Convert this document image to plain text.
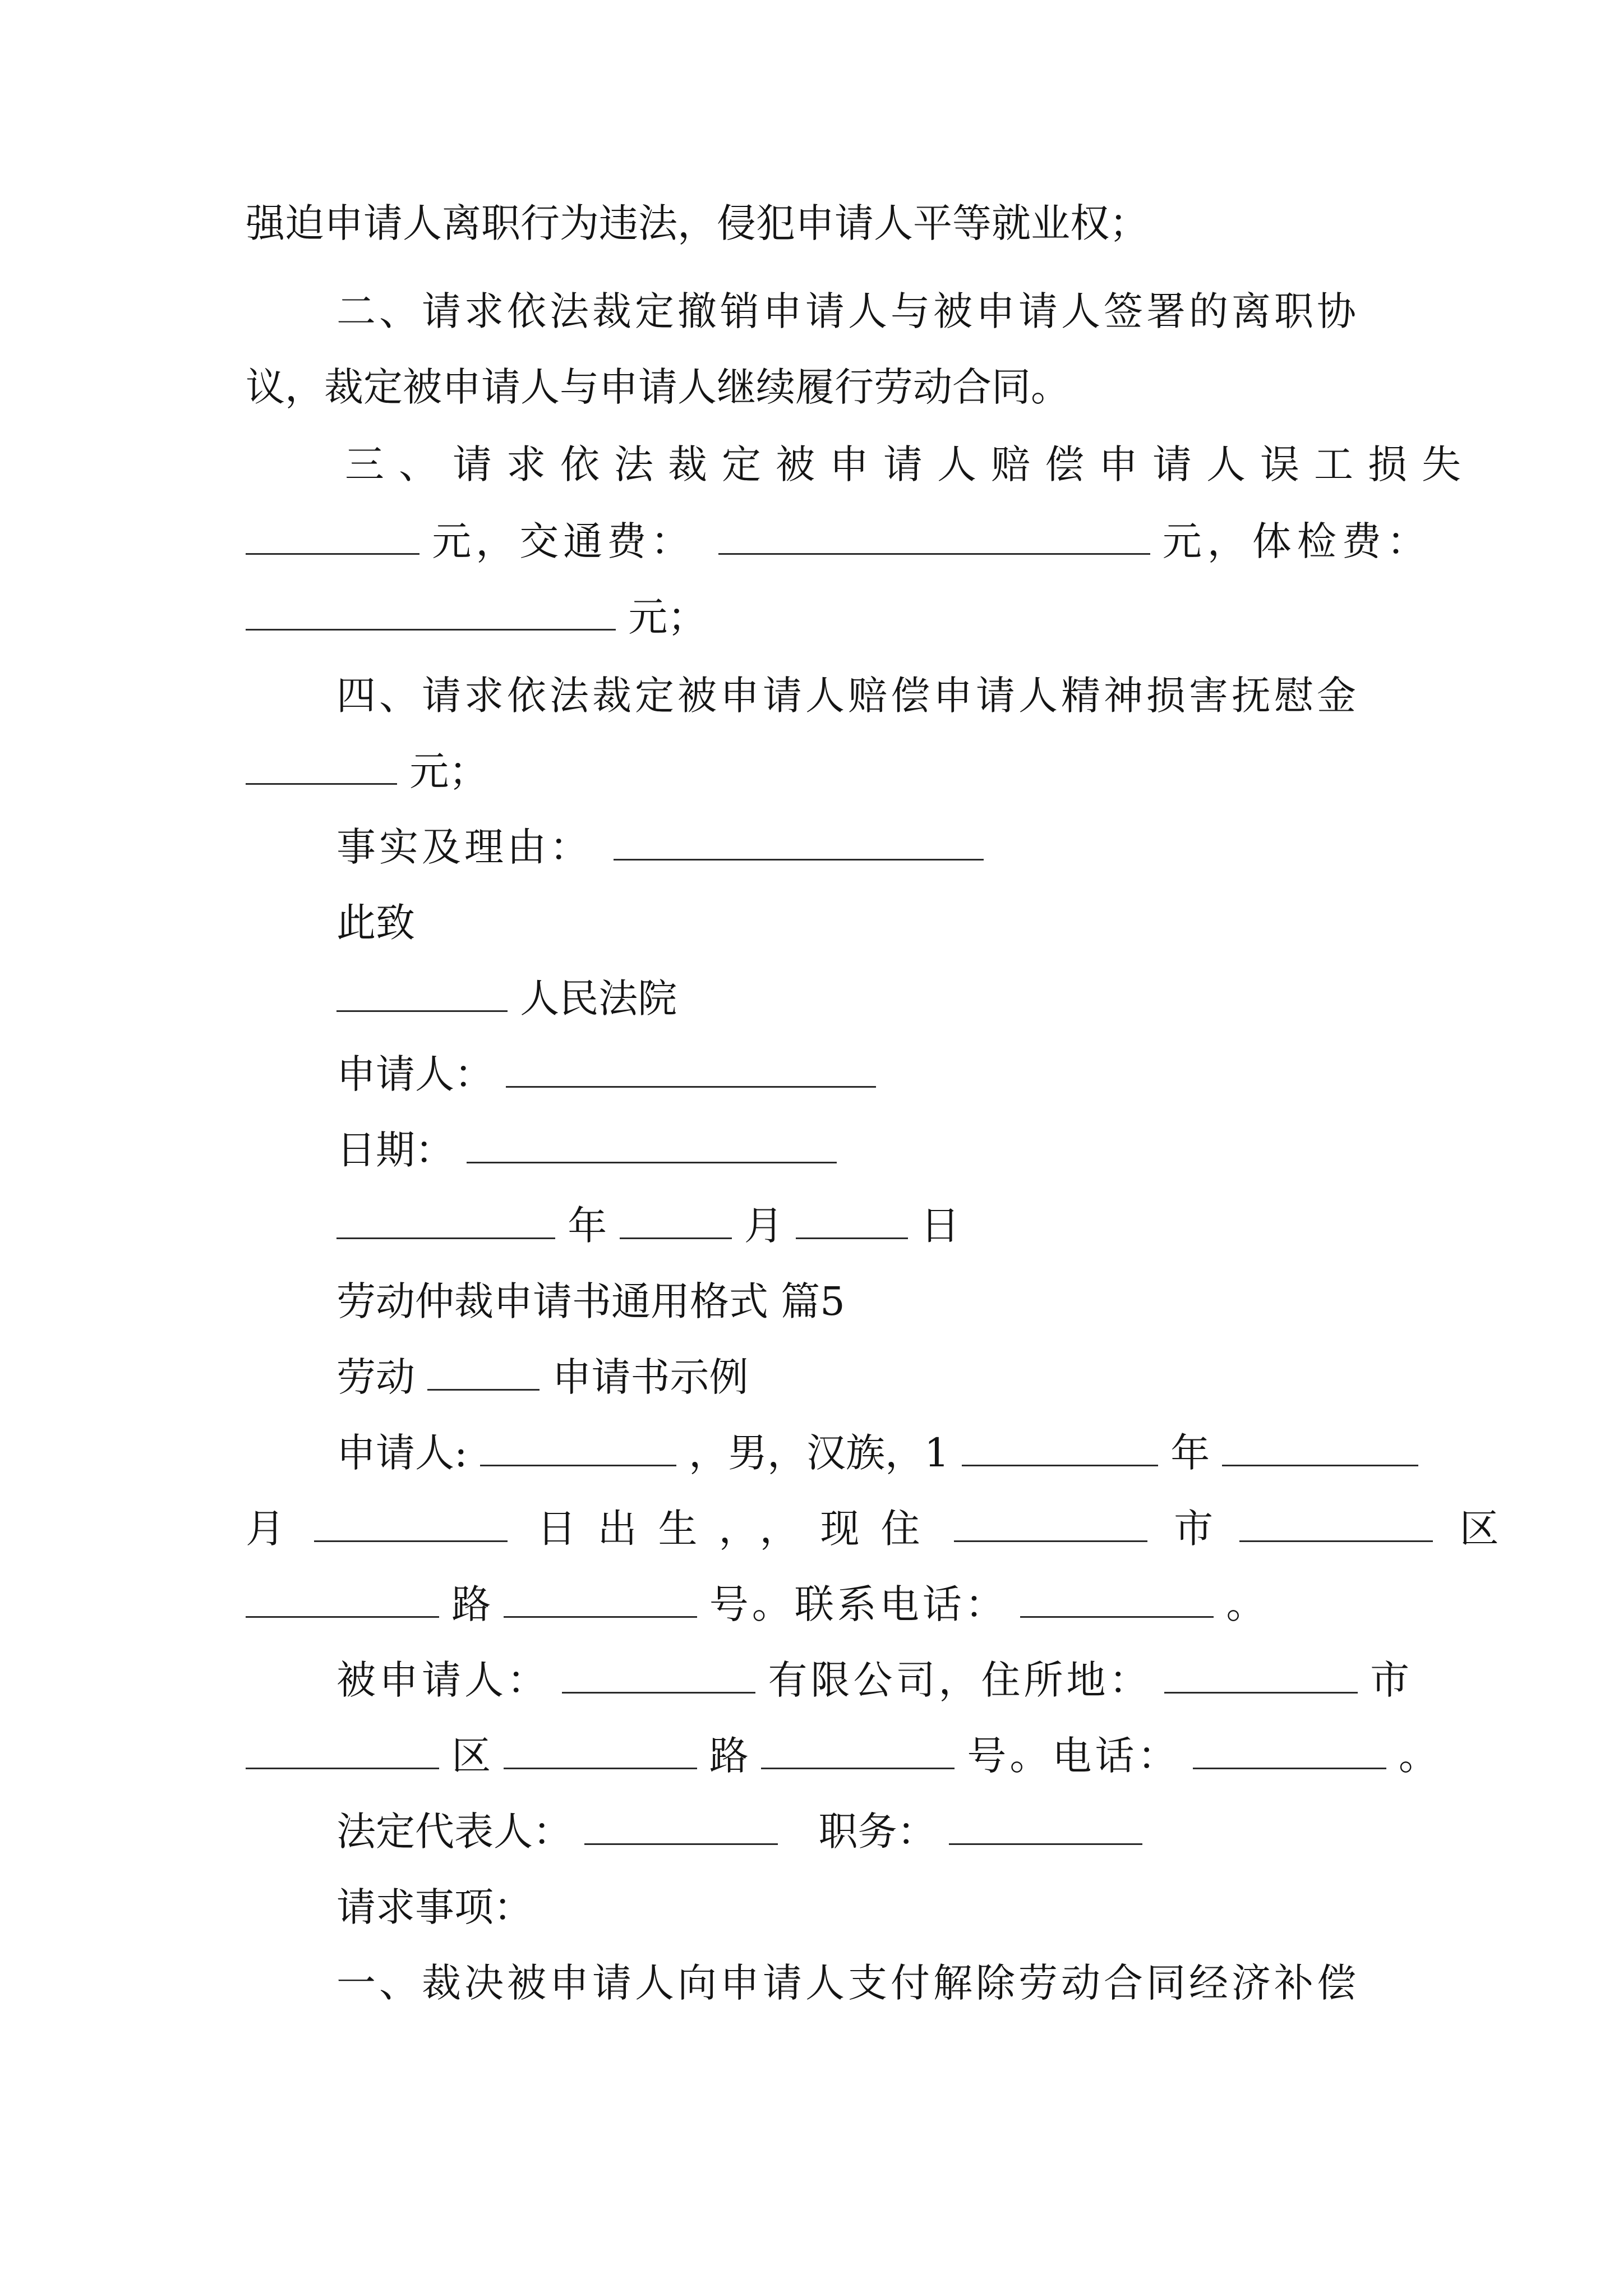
强迫申请人离职行为违法，侵犯申请人平等就业权；
二、请求依法裁定撤销申请人与被申请人签署的离职协
议，裁定被申请人与申请人继续履行劳动合同。
三、请求依法裁定被申请人赔偿申请人误工损失
元，交通费：	元，体检费：
元；
四、请求依法裁定被申请人赔偿申请人精神损害抚慰金
元；
事实及理由：
此致
人民法院
申请人：
日期：
年	月	日
劳动仲裁申请书通用格式 篇5
劳动	申请书示例
申请人:	，男，汉族，1	年
月	日出生，，现住	市	区
路	号。联系电话：	。
被申请人：	有限公司，住所地：	市
区	路	号。电话：	。
法定代表人：	职务：
请求事项：
一、裁决被申请人向申请人支付解除劳动合同经济补偿
